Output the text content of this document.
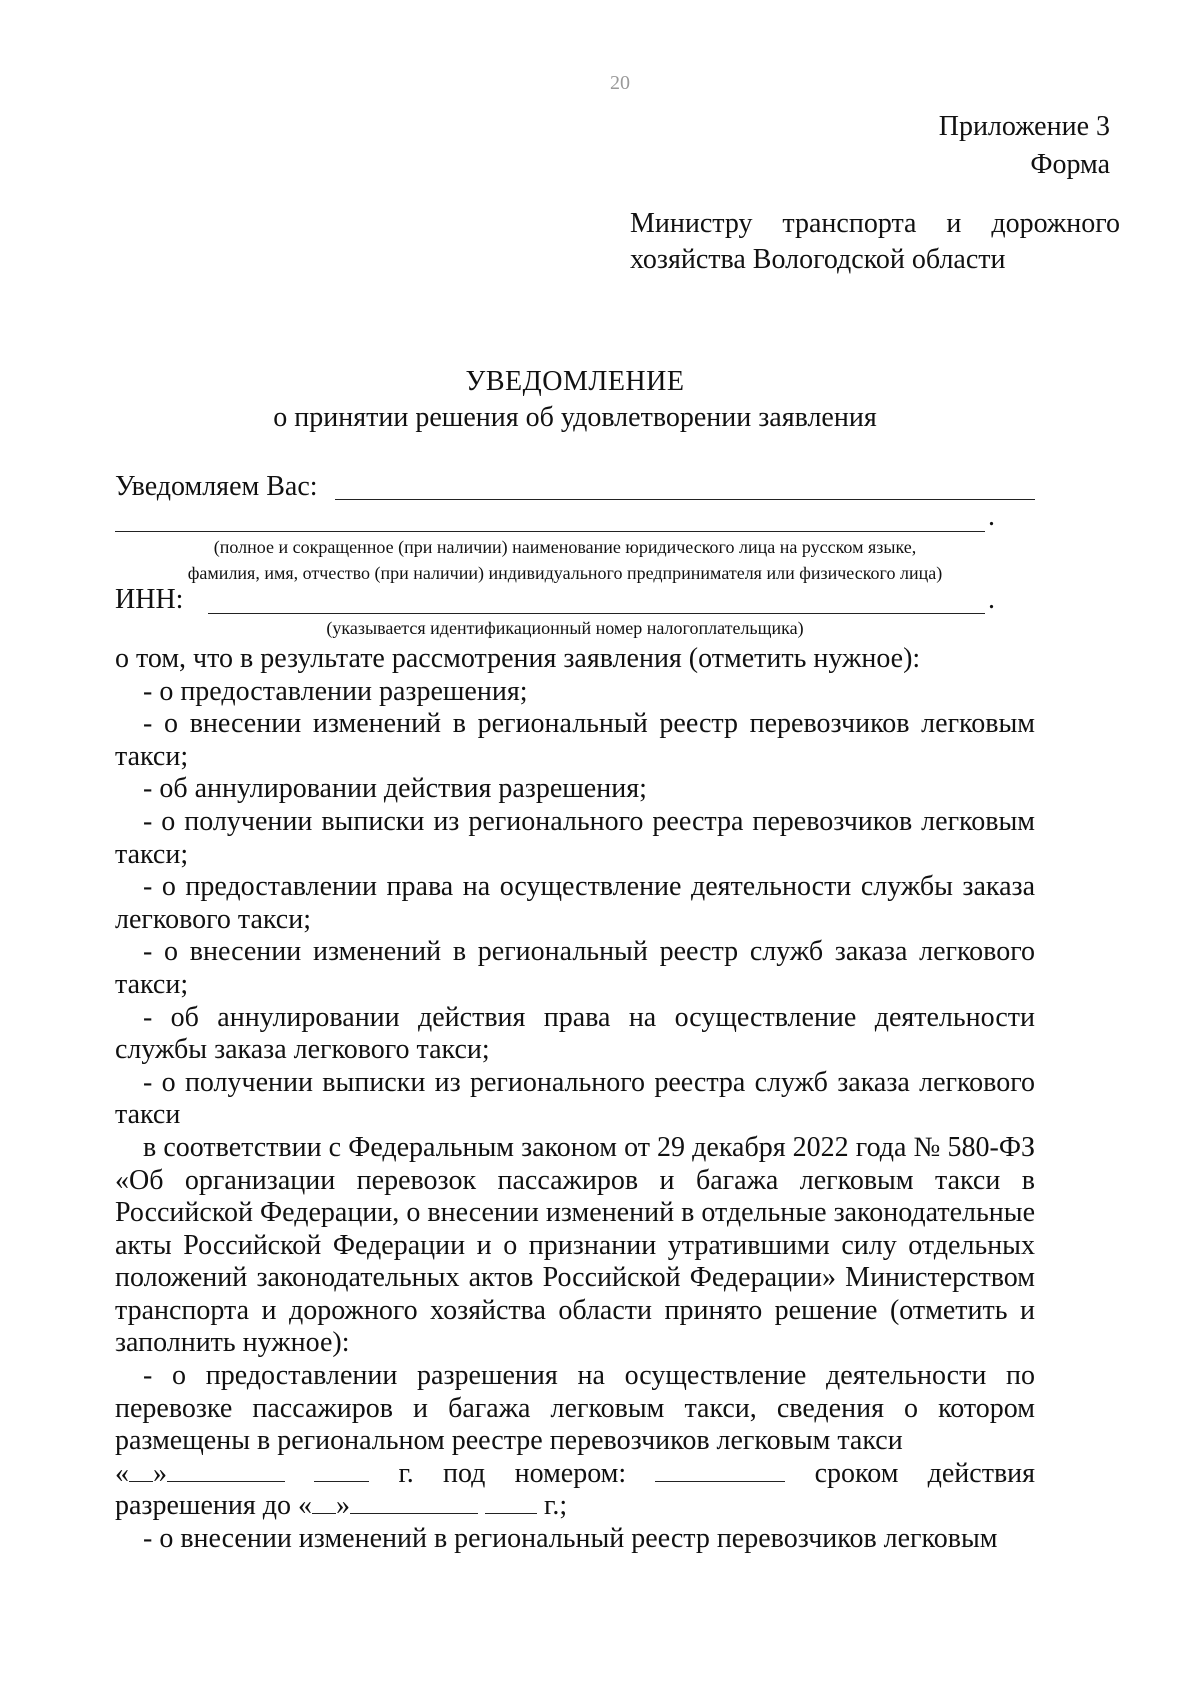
20
Приложение 3
Форма
Министру транспорта и дорожного
хозяйства Вологодской области
УВЕДОМЛЕНИЕ
о принятии решения об удовлетворении заявления
Уведомляем Вас:
.
(полное и сокращенное (при наличии) наименование юридического лица на русском языке,
фамилия, имя, отчество (при наличии) индивидуального предпринимателя или физического лица)
ИНН:	.
(указывается идентификационный номер налогоплательщика)

о том, что в результате рассмотрения заявления (отметить нужное):

- о предоставлении разрешения;

- о внесении изменений в региональный реестр перевозчиков легковым такси;

- об аннулировании действия разрешения;

- о получении выписки из регионального реестра перевозчиков легковым такси;

- о предоставлении права на осуществление деятельности службы заказа легкового такси;

- о внесении изменений в региональный реестр служб заказа легкового такси;

- об аннулировании действия права на осуществление деятельности службы заказа легкового такси;

- о получении выписки из регионального реестра служб заказа легкового такси

в соответствии с Федеральным законом от 29 декабря 2022 года № 580-ФЗ «Об организации перевозок пассажиров и багажа легковым такси в Российской Федерации, о внесении изменений в отдельные законодательные акты Российской Федерации и о признании утратившими силу отдельных положений законодательных актов Российской Федерации» Министерством транспорта и дорожного хозяйства области принято решение (отметить и заполнить нужное):

- о предоставлении разрешения на осуществление деятельности по перевозке пассажиров и багажа легковым такси, сведения о котором размещены в региональном реестре перевозчиков легковым такси

« »	г. под номером:	сроком действия

разрешения до « »	г.;

- о внесении изменений в региональный реестр перевозчиков легковым
